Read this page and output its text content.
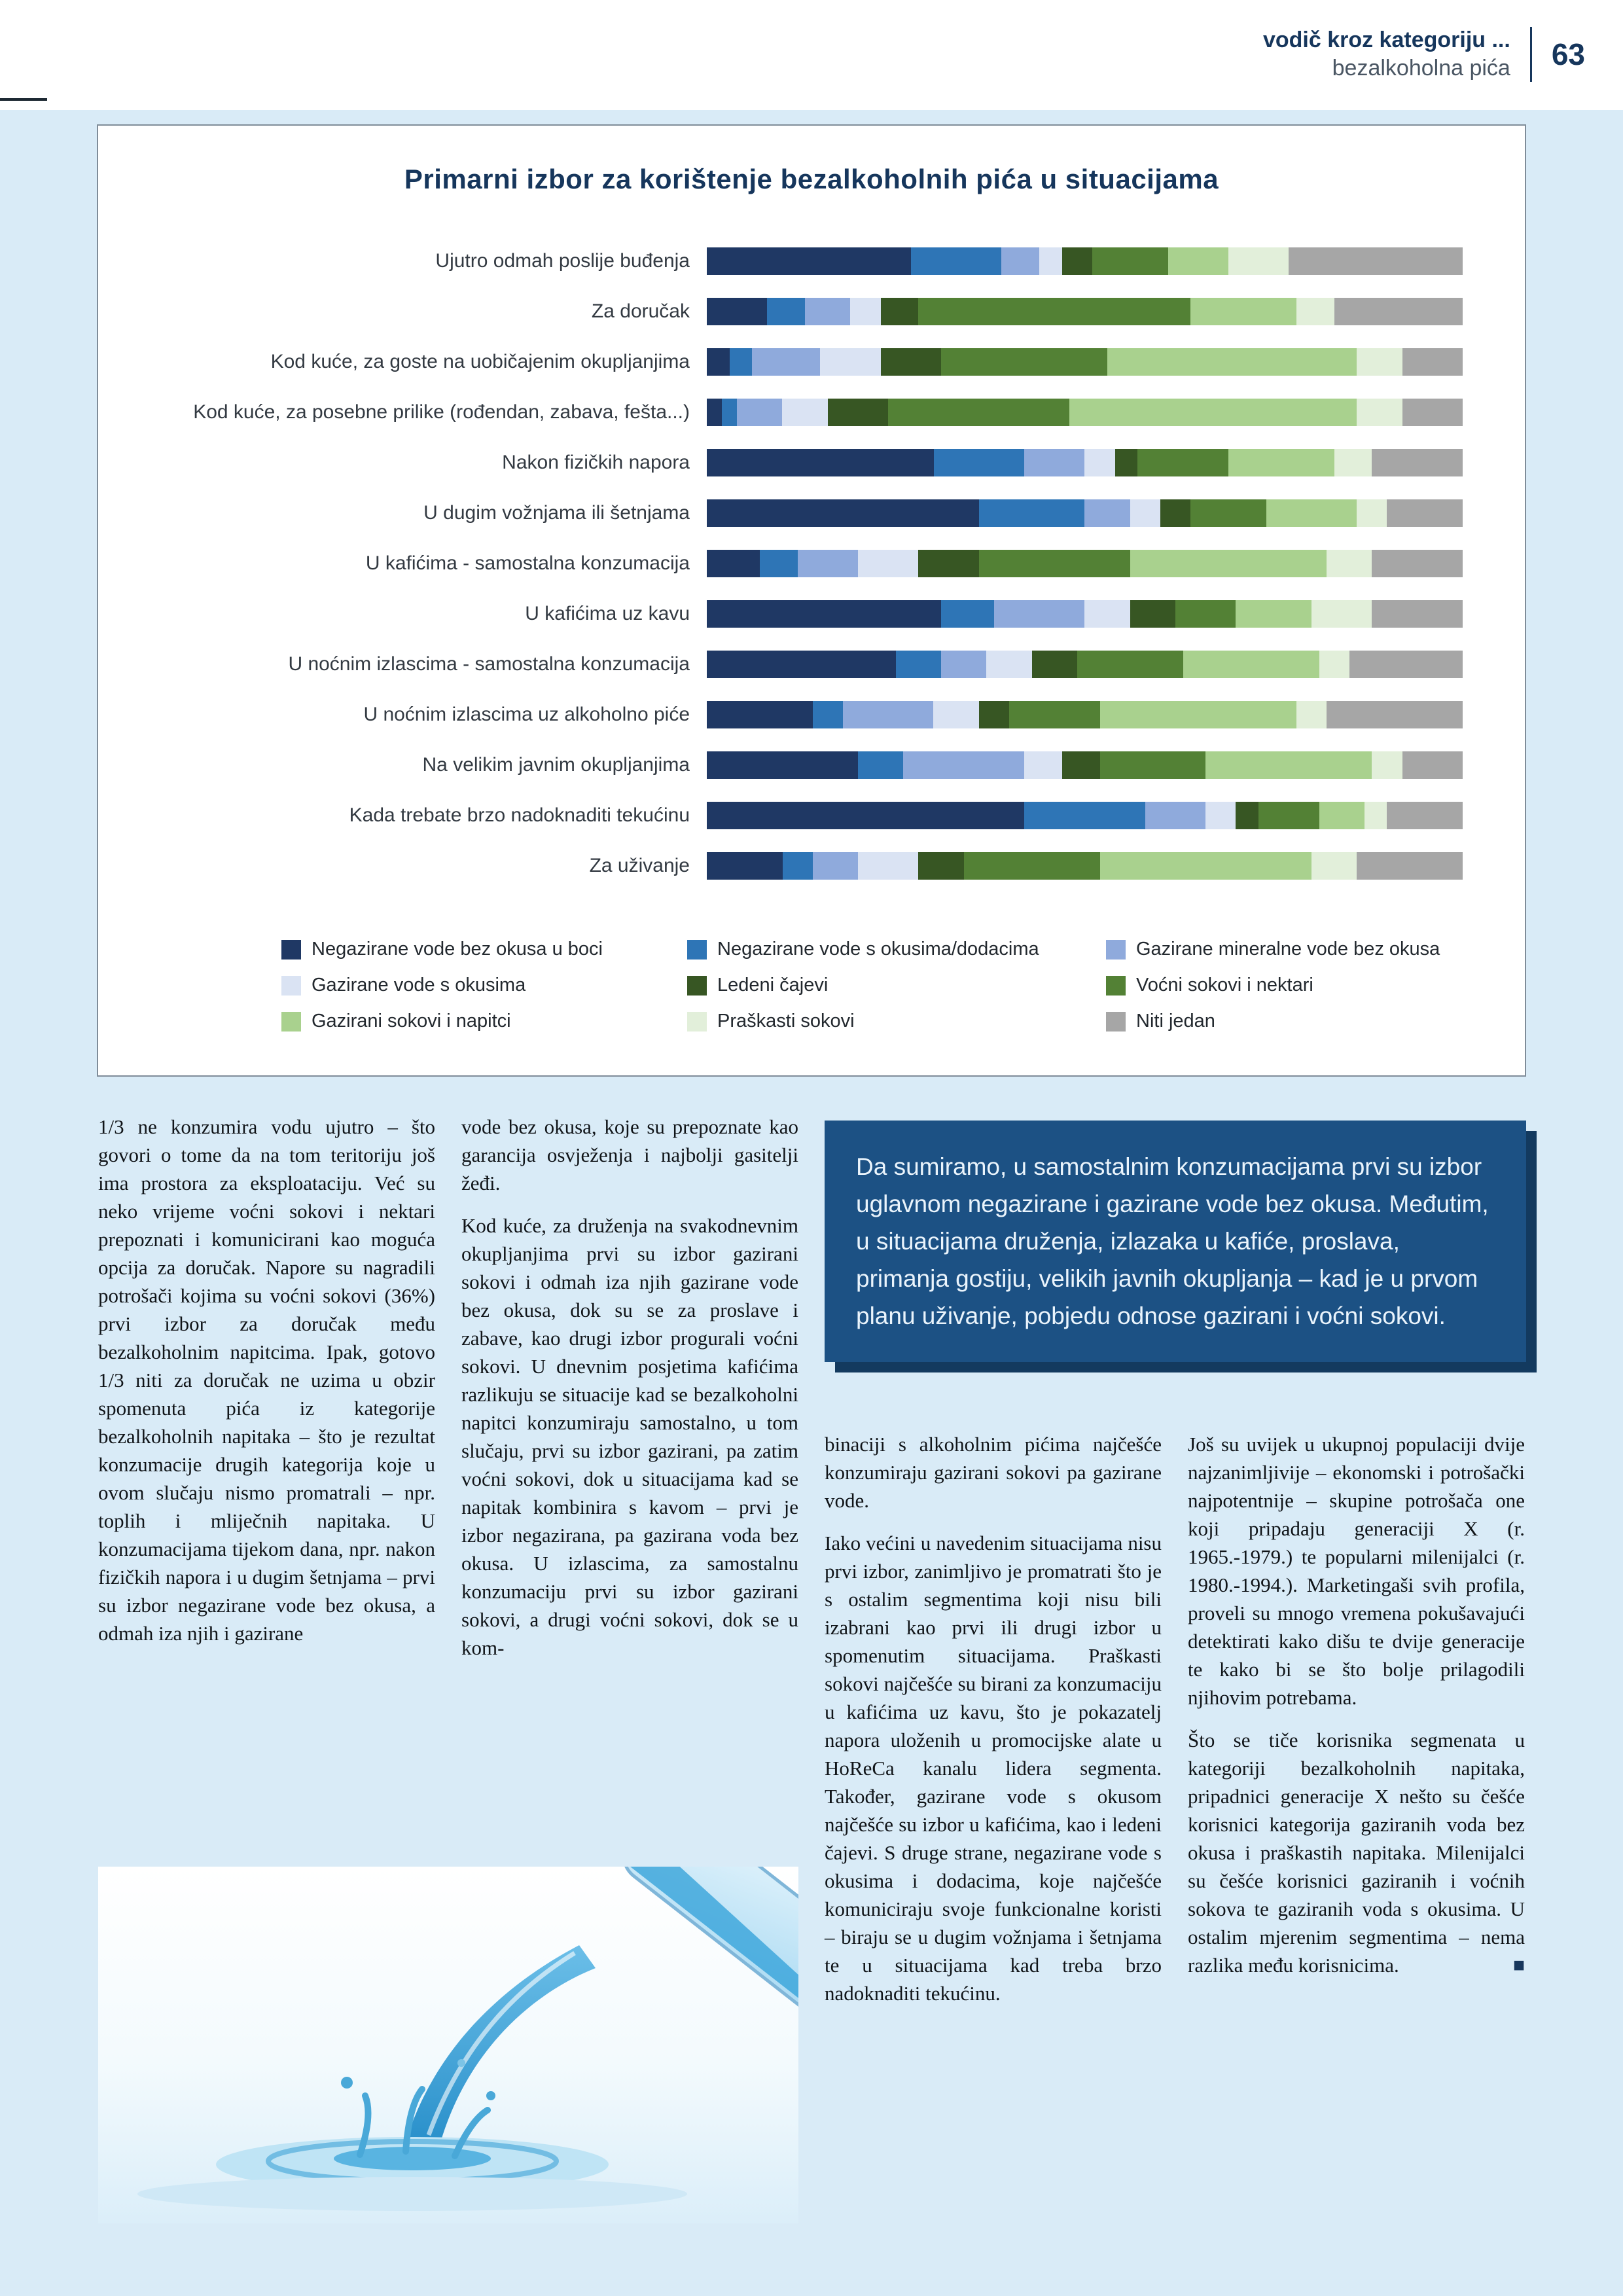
vodič kroz kategoriju ...
bezalkoholna pića 63
Primarni izbor za korištenje bezalkoholnih pića u situacijama
Ujutro odmah poslije buđenja
Za doručak
Kod kuće, za goste na uobičajenim okupljanjima
Kod kuće, za posebne prilike (rođendan, zabava, fešta...)
Nakon fizičkih napora
U dugim vožnjama ili šetnjama
U kafićima - samostalna konzumacija
U kafićima uz kavu
U noćnim izlascima - samostalna konzumacija
U noćnim izlascima uz alkoholno piće
Na velikim javnim okupljanjima
Kada trebate brzo nadoknaditi tekućinu
Za uživanje
Negazirane vode bez okusa u boci
Gazirane vode s okusima
Gazirani sokovi i napitci
Negazirane vode s okusima/dodacima
Ledeni čajevi
Praškasti sokovi
Gazirane mineralne vode bez okusa
Voćni sokovi i nektari
Niti jedan

1/3 ne konzumira vodu ujutro – što govori o tome da na tom teritoriju još ima prostora za eksploataciju. Već su neko vrijeme voćni sokovi i nektari prepoznati i komunicirani kao moguća opcija za doručak. Napore su nagradili potrošači kojima su voćni sokovi (36%) prvi izbor za doručak među bezalkoholnim napitcima. Ipak, gotovo 1/3 niti za doručak ne uzima u obzir spomenuta pića iz kategorije bezalkoholnih napitaka – što je rezultat konzumacije drugih kategorija koje u ovom slučaju nismo promatrali – npr. toplih i mliječnih napitaka. U konzumacijama tijekom dana, npr. nakon fizičkih napora i u dugim šetnjama – prvi su izbor negazirane vode bez okusa, a odmah iza njih i gazirane

vode bez okusa, koje su prepoznate kao garancija osvježenja i najbolji gasitelji žeđi.

Kod kuće, za druženja na svakodnevnim okupljanjima prvi su izbor gazirani sokovi i odmah iza njih gazirane vode bez okusa, dok su se za proslave i zabave, kao drugi izbor progurali voćni sokovi. U dnevnim posjetima kafićima razlikuju se situacije kad se bezalkoholni napitci konzumiraju samostalno, u tom slučaju, prvi su izbor gazirani, pa zatim voćni sokovi, dok u situacijama kad se napitak kombinira s kavom – prvi je izbor negazirana, pa gazirana voda bez okusa. U izlascima, za samostalnu konzumaciju prvi su izbor gazirani sokovi, a drugi voćni sokovi, dok se u kom-

Da sumiramo, u samostalnim konzumacijama prvi su izbor uglavnom negazirane i gazirane vode bez okusa. Međutim, u situacijama druženja, izlazaka u kafiće, proslava, primanja gostiju, velikih javnih okupljanja – kad je u prvom planu uživanje, pobjedu odnose gazirani i voćni sokovi.

binaciji s alkoholnim pićima najčešće konzumiraju gazirani sokovi pa gazirane vode.

Iako većini u navedenim situacijama nisu prvi izbor, zanimljivo je promatrati što je s ostalim segmentima koji nisu bili izabrani kao prvi ili drugi izbor u spomenutim situacijama. Praškasti sokovi najčešće su birani za konzumaciju u kafićima uz kavu, što je pokazatelj napora uloženih u promocijske alate u HoReCa kanalu lidera segmenta. Također, gazirane vode s okusom najčešće su izbor u kafićima, kao i ledeni čajevi. S druge strane, negazirane vode s okusima i dodacima, koje najčešće komuniciraju svoje funkcionalne koristi – biraju se u dugim vožnjama i šetnjama te u situacijama kad treba brzo nadoknaditi tekućinu.

Još su uvijek u ukupnoj populaciji dvije najzanimljivije – ekonomski i potrošački najpotentnije – skupine potrošača one koji pripadaju generaciji X (r. 1965.-1979.) te popularni milenijalci (r. 1980.-1994.). Marketingaši svih profila, proveli su mnogo vremena pokušavajući detektirati kako dišu te dvije generacije te kako bi se što bolje prilagodili njihovim potrebama.

Što se tiče korisnika segmenata u kategoriji bezalkoholnih napitaka, pripadnici generacije X nešto su češće korisnici kategorija gaziranih voda bez okusa i praškastih napitaka. Milenijalci su češće korisnici gaziranih i voćnih sokova te gaziranih voda s okusima. U ostalim mjerenim segmentima – nema razlika među korisnicima.	■
